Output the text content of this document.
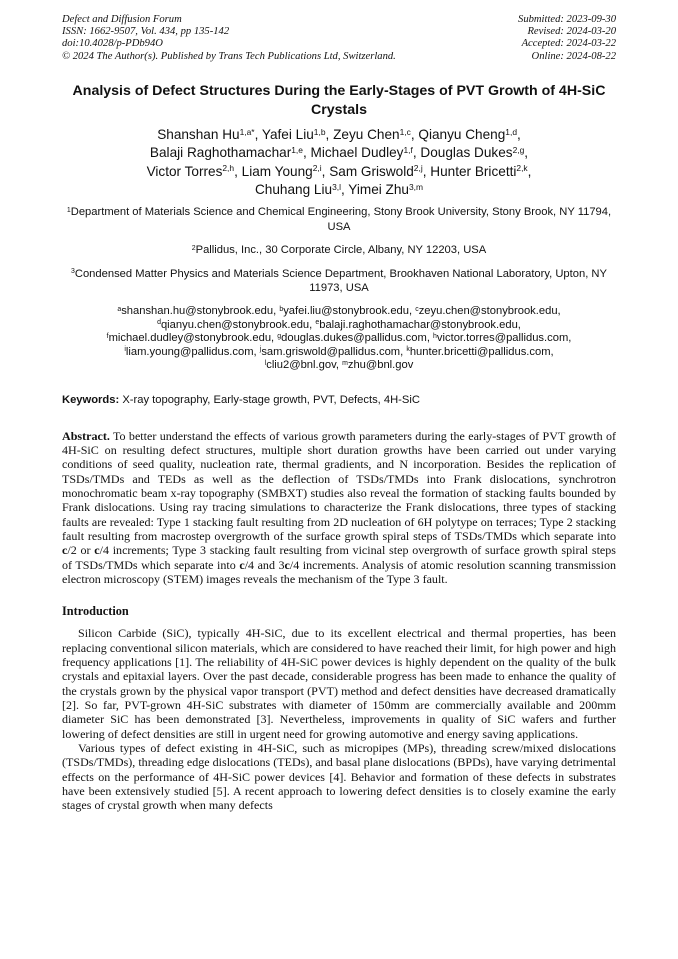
Defect and Diffusion Forum
ISSN: 1662-9507, Vol. 434, pp 135-142
doi:10.4028/p-PDb94O
© 2024 The Author(s). Published by Trans Tech Publications Ltd, Switzerland.
Submitted: 2023-09-30
Revised: 2024-03-20
Accepted: 2024-03-22
Online: 2024-08-22
Analysis of Defect Structures During the Early-Stages of PVT Growth of 4H-SiC Crystals
Shanshan $Hu^{1,a*}$, Yafei Liu$^{1,b}$, Zeyu Chen$^{1,c}$, Qianyu Cheng$^{1,d}$,
Balaji Raghothamachar$^{1,e}$, Michael Dudley$^{1,f}$, Douglas Dukes$^{2,g}$,
Victor Torres$^{2,h}$, Liam Young$^{2,i}$, Sam Griswold$^{2,j}$, Hunter Bricetti$^{2,k}$,
Chuhang Liu$^{3,l}$, Yimei Zhu$^{3,m}$
$^1$Department of Materials Science and Chemical Engineering, Stony Brook University, Stony Brook, NY 11794, USA
$^2$Pallidus, Inc., 30 Corporate Circle, Albany, NY 12203, USA
$^3$Condensed Matter Physics and Materials Science Department, Brookhaven National Laboratory, Upton, NY 11973, USA
$^a$shanshan.hu@stonybrook.edu, $^b$yafei.liu@stonybrook.edu, $^c$zeyu.chen@stonybrook.edu,
$^d$qianyu.chen@stonybrook.edu, $^e$balaji.raghothamachar@stonybrook.edu,
$^f$michael.dudley@stonybrook.edu, $^g$douglas.dukes@pallidus.com, $^h$victor.torres@pallidus.com,
$^i$liam.young@pallidus.com, $^j$sam.griswold@pallidus.com, $^k$hunter.bricetti@pallidus.com,
$^l$cliu2@bnl.gov, $^m$zhu@bnl.gov
Keywords: X-ray topography, Early-stage growth, PVT, Defects, 4H-SiC
Abstract. To better understand the effects of various growth parameters during the early-stages of PVT growth of 4H-SiC on resulting defect structures, multiple short duration growths have been carried out under varying conditions of seed quality, nucleation rate, thermal gradients, and N incorporation. Besides the replication of TSDs/TMDs and TEDs as well as the deflection of TSDs/TMDs into Frank dislocations, synchrotron monochromatic beam x-ray topography (SMBXT) studies also reveal the formation of stacking faults bounded by Frank dislocations. Using ray tracing simulations to characterize the Frank dislocations, three types of stacking faults are revealed: Type 1 stacking fault resulting from 2D nucleation of 6H polytype on terraces; Type 2 stacking fault resulting from macrostep overgrowth of the surface growth spiral steps of TSDs/TMDs which separate into c/2 or c/4 increments; Type 3 stacking fault resulting from vicinal step overgrowth of surface growth spiral steps of TSDs/TMDs which separate into c/4 and 3c/4 increments. Analysis of atomic resolution scanning transmission electron microscopy (STEM) images reveals the mechanism of the Type 3 fault.
Introduction

Silicon Carbide (SiC), typically 4H-SiC, due to its excellent electrical and thermal properties, has been replacing conventional silicon materials, which are considered to have reached their limit, for high power and high frequency applications [1]. The reliability of 4H-SiC power devices is highly dependent on the quality of the bulk crystals and epitaxial layers. Over the past decade, considerable progress has been made to enhance the quality of the crystals grown by the physical vapor transport (PVT) method and defect densities have decreased dramatically [2]. So far, PVT-grown 4H-SiC substrates with diameter of 150mm are commercially available and 200mm diameter SiC has been demonstrated [3]. Nevertheless, improvements in quality of SiC wafers and further lowering of defect densities are still in urgent need for growing automotive and energy saving applications.

Various types of defect existing in 4H-SiC, such as micropipes (MPs), threading screw/mixed dislocations (TSDs/TMDs), threading edge dislocations (TEDs), and basal plane dislocations (BPDs), have varying detrimental effects on the performance of 4H-SiC power devices [4]. Behavior and formation of these defects in substrates have been extensively studied [5]. A recent approach to lowering defect densities is to closely examine the early stages of crystal growth when many defects
